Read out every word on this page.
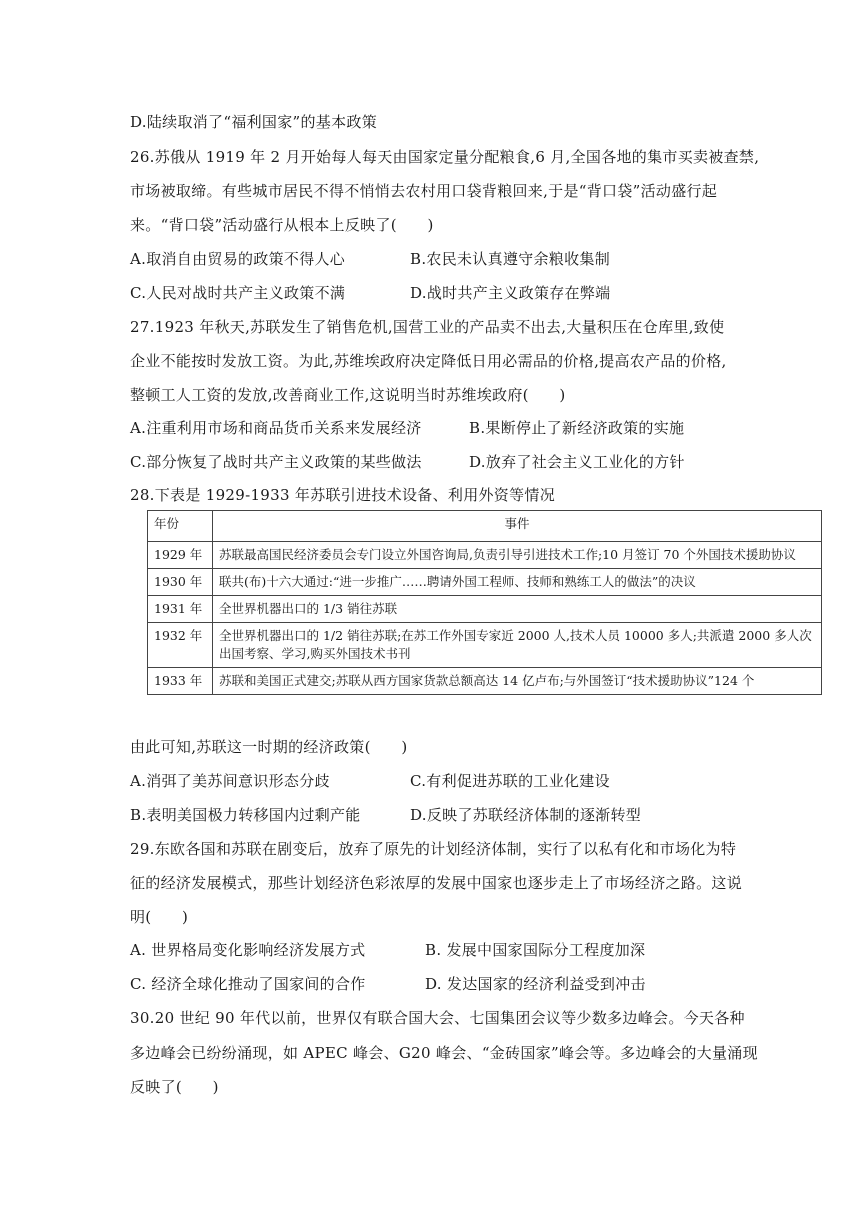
D.陆续取消了“福利国家”的基本政策
26.苏俄从 1919 年 2 月开始每人每天由国家定量分配粮食,6 月,全国各地的集市买卖被查禁,
市场被取缔。有些城市居民不得不悄悄去农村用口袋背粮回来,于是“背口袋”活动盛行起
来。“背口袋”活动盛行从根本上反映了(　　)
A.取消自由贸易的政策不得人心	B.农民未认真遵守余粮收集制
C.人民对战时共产主义政策不满	D.战时共产主义政策存在弊端
27.1923 年秋天,苏联发生了销售危机,国营工业的产品卖不出去,大量积压在仓库里,致使
企业不能按时发放工资。为此,苏维埃政府决定降低日用必需品的价格,提高农产品的价格,
整顿工人工资的发放,改善商业工作,这说明当时苏维埃政府(　　)
A.注重利用市场和商品货币关系来发展经济	B.果断停止了新经济政策的实施
C.部分恢复了战时共产主义政策的某些做法	D.放弃了社会主义工业化的方针
28.下表是 1929-1933 年苏联引进技术设备、利用外资等情况
年份	事件
1929 年	苏联最高国民经济委员会专门设立外国咨询局,负责引导引进技术工作;10 月签订 70 个外国技术援助协议
1930 年	联共(布)十六大通过:“进一步推广……聘请外国工程师、技师和熟练工人的做法”的决议
1931 年	全世界机器出口的 1/3 销往苏联
1932 年	全世界机器出口的 1/2 销往苏联;在苏工作外国专家近 2000 人,技术人员 10000 多人;共派遣 2000 多人次出国考察、学习,购买外国技术书刊
1933 年	苏联和美国正式建交;苏联从西方国家货款总额高达 14 亿卢布;与外国签订“技术援助协议”124 个
由此可知,苏联这一时期的经济政策(　　)
A.消弭了美苏间意识形态分歧	C.有利促进苏联的工业化建设
B.表明美国极力转移国内过剩产能	D.反映了苏联经济体制的逐渐转型
29.东欧各国和苏联在剧变后，放弃了原先的计划经济体制，实行了以私有化和市场化为特
征的经济发展模式，那些计划经济色彩浓厚的发展中国家也逐步走上了市场经济之路。这说
明(　　)
A. 世界格局变化影响经济发展方式	B. 发展中国家国际分工程度加深
C. 经济全球化推动了国家间的合作	D. 发达国家的经济利益受到冲击
30.20 世纪 90 年代以前，世界仅有联合国大会、七国集团会议等少数多边峰会。今天各种
多边峰会已纷纷涌现，如 APEC 峰会、G20 峰会、“金砖国家”峰会等。多边峰会的大量涌现
反映了(　　)
